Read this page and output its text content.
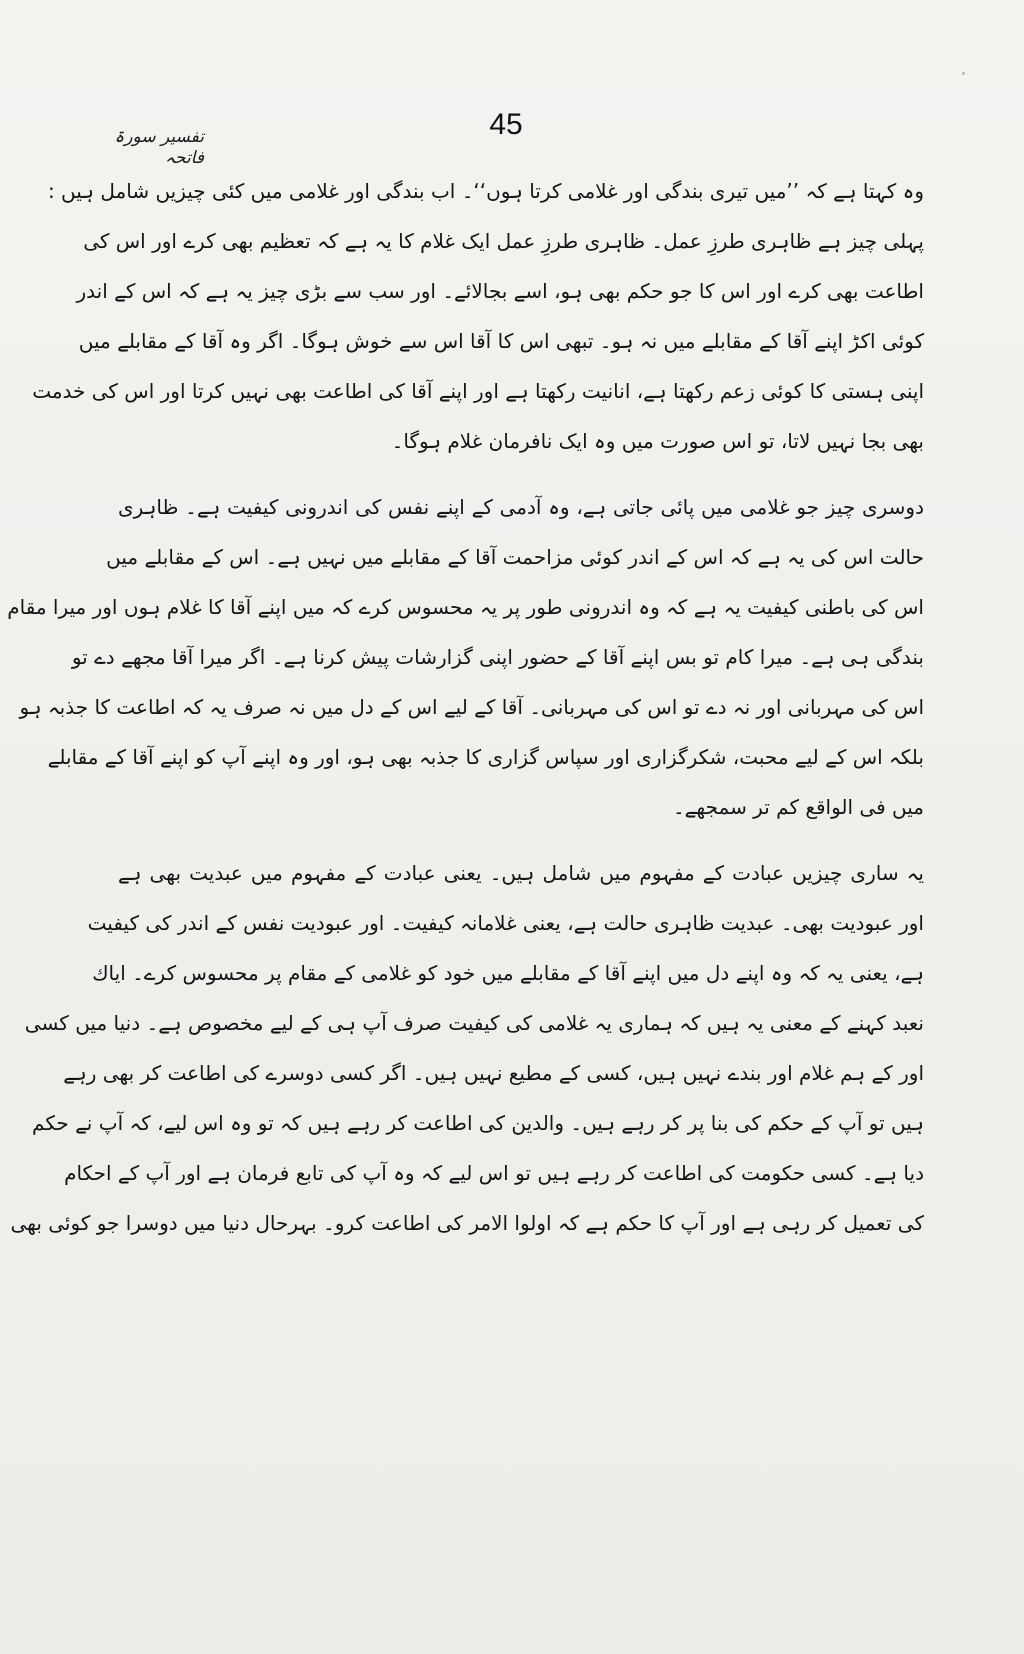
45
تفسیر سورۃ فاتحہ
وہ کہتا ہے کہ ’’میں تیری بندگی اور غلامی کرتا ہوں‘‘۔ اب بندگی اور غلامی میں کئی چیزیں شامل ہیں :
پہلی چیز ہے ظاہری طرزِ عمل۔ ظاہری طرزِ عمل ایک غلام کا یہ ہے کہ تعظیم بھی کرے اور اس کی
اطاعت بھی کرے اور اس کا جو حکم بھی ہو، اسے بجالائے۔ اور سب سے بڑی چیز یہ ہے کہ اس کے اندر
کوئی اکڑ اپنے آقا کے مقابلے میں نہ ہو۔ تبھی اس کا آقا اس سے خوش ہوگا۔ اگر وہ آقا کے مقابلے میں
اپنی ہستی کا کوئی زعم رکھتا ہے، انانیت رکھتا ہے اور اپنے آقا کی اطاعت بھی نہیں کرتا اور اس کی خدمت
بھی بجا نہیں لاتا، تو اس صورت میں وہ ایک نافرمان غلام ہوگا۔
دوسری چیز جو غلامی میں پائی جاتی ہے، وہ آدمی کے اپنے نفس کی اندرونی کیفیت ہے۔ ظاہری
حالت اس کی یہ ہے کہ اس کے اندر کوئی مزاحمت آقا کے مقابلے میں نہیں ہے۔ اس کے مقابلے میں
اس کی باطنی کیفیت یہ ہے کہ وہ اندرونی طور پر یہ محسوس کرے کہ میں اپنے آقا کا غلام ہوں اور میرا مقام
بندگی ہی ہے۔ میرا کام تو بس اپنے آقا کے حضور اپنی گزارشات پیش کرنا ہے۔ اگر میرا آقا مجھے دے تو
اس کی مہربانی اور نہ دے تو اس کی مہربانی۔ آقا کے لیے اس کے دل میں نہ صرف یہ کہ اطاعت کا جذبہ ہو
بلکہ اس کے لیے محبت، شکرگزاری اور سپاس گزاری کا جذبہ بھی ہو، اور وہ اپنے آپ کو اپنے آقا کے مقابلے
میں فی الواقع کم تر سمجھے۔
یہ ساری چیزیں عبادت کے مفہوم میں شامل ہیں۔ یعنی عبادت کے مفہوم میں عبدیت بھی ہے
اور عبودیت بھی۔ عبدیت ظاہری حالت ہے، یعنی غلامانہ کیفیت۔ اور عبودیت نفس کے اندر کی کیفیت
ہے، یعنی یہ کہ وہ اپنے دل میں اپنے آقا کے مقابلے میں خود کو غلامی کے مقام پر محسوس کرے۔ ایاك
نعبد کہنے کے معنی یہ ہیں کہ ہماری یہ غلامی کی کیفیت صرف آپ ہی کے لیے مخصوص ہے۔ دنیا میں کسی
اور کے ہم غلام اور بندے نہیں ہیں، کسی کے مطیع نہیں ہیں۔ اگر کسی دوسرے کی اطاعت کر بھی رہے
ہیں تو آپ کے حکم کی بنا پر کر رہے ہیں۔ والدین کی اطاعت کر رہے ہیں کہ تو وہ اس لیے، کہ آپ نے حکم
دیا ہے۔ کسی حکومت کی اطاعت کر رہے ہیں تو اس لیے کہ وہ آپ کی تابع فرمان ہے اور آپ کے احکام
کی تعمیل کر رہی ہے اور آپ کا حکم ہے کہ اولوا الامر کی اطاعت کرو۔ بہرحال دنیا میں دوسرا جو کوئی بھی
